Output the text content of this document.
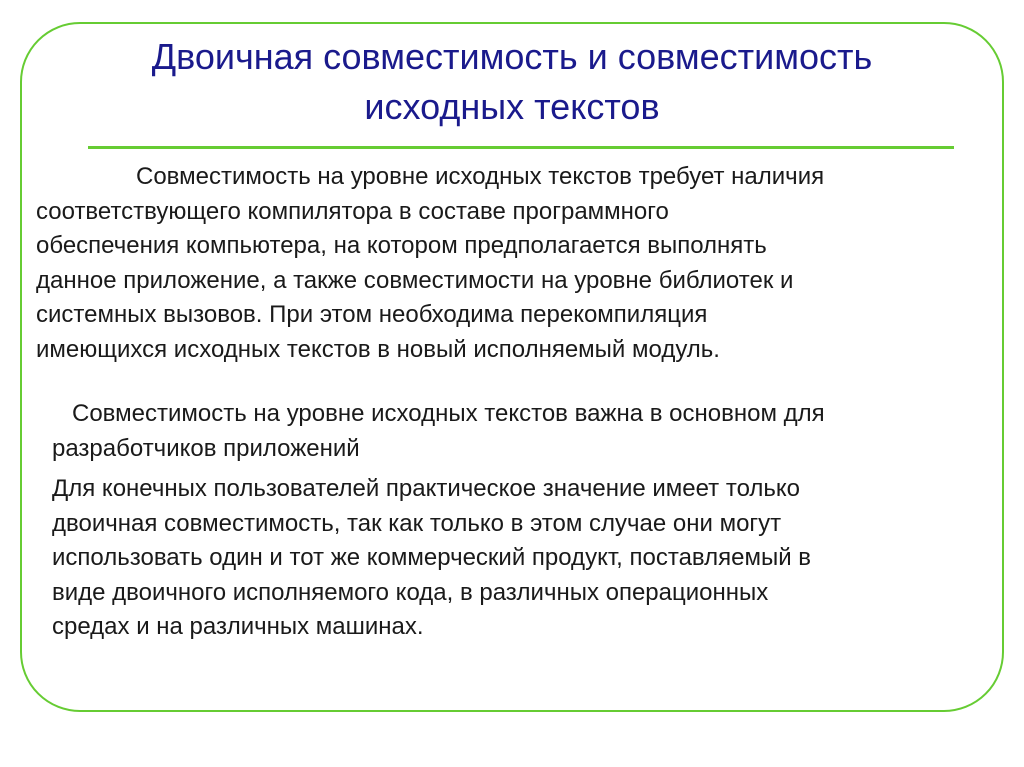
Двоичная совместимость и совместимость
исходных текстов

Совместимость на уровне исходных текстов требует наличия
соответствующего компилятора в составе программного
обеспечения компьютера, на котором предполагается выполнять
данное приложение, а также совместимости на уровне библиотек и
системных вызовов. При этом необходима перекомпиляция
имеющихся исходных текстов в новый исполняемый модуль.

Совместимость на уровне исходных текстов важна в основном для
разработчиков приложений

Для конечных пользователей практическое значение имеет только
двоичная совместимость, так как только в этом случае они могут
использовать один и тот же коммерческий продукт, поставляемый в
виде двоичного исполняемого кода, в различных операционных
средах и на различных машинах.
